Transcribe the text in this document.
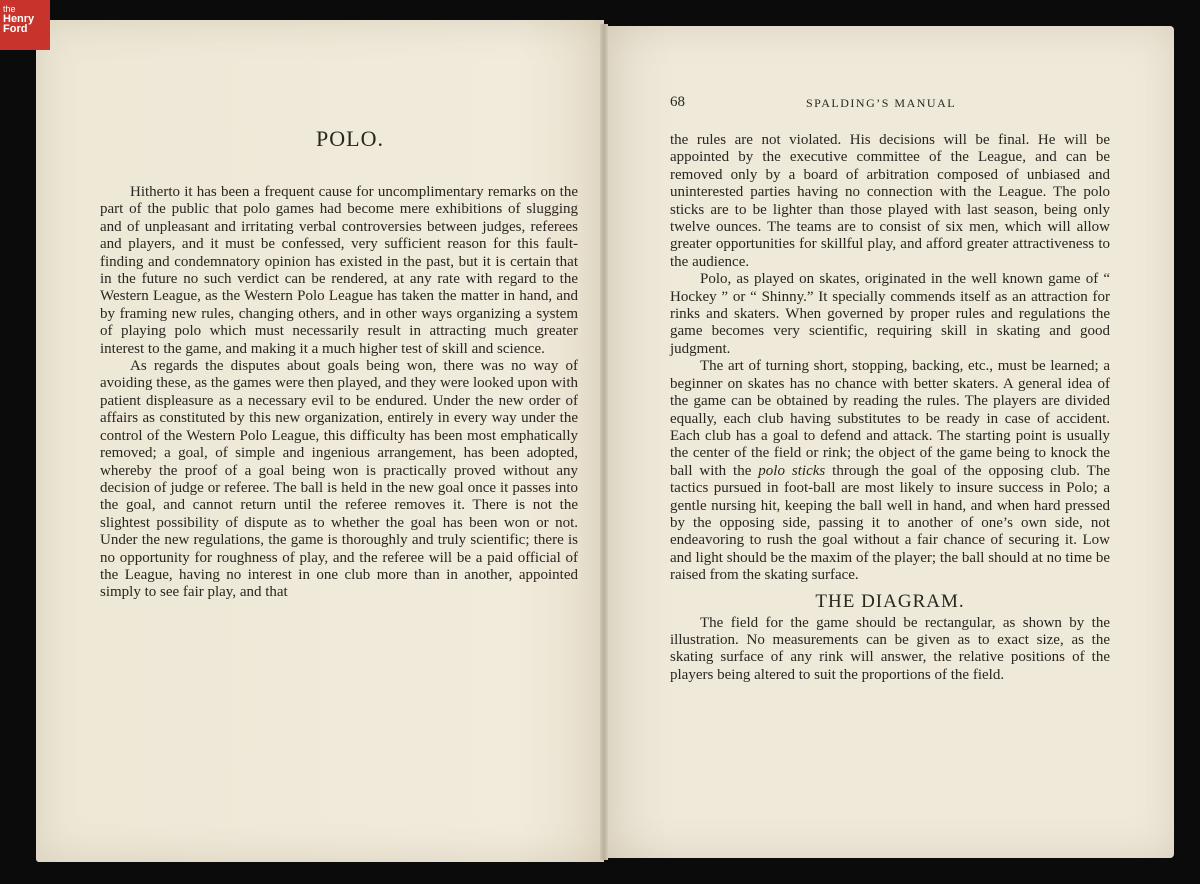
the
Henry
Ford
POLO.

Hitherto it has been a frequent cause for uncomplimentary remarks on the part of the public that polo games had become mere exhibitions of slugging and of unpleasant and irritating verbal controversies between judges, referees and players, and it must be confessed, very sufficient reason for this fault-finding and condemnatory opinion has existed in the past, but it is certain that in the future no such verdict can be rendered, at any rate with regard to the Western League, as the Western Polo League has taken the matter in hand, and by framing new rules, changing others, and in other ways organizing a system of playing polo which must necessarily result in attracting much greater interest to the game, and making it a much higher test of skill and science.

As regards the disputes about goals being won, there was no way of avoiding these, as the games were then played, and they were looked upon with patient displeasure as a necessary evil to be endured. Under the new order of affairs as constituted by this new organization, entirely in every way under the control of the Western Polo League, this difficulty has been most emphatically removed; a goal, of simple and ingenious arrangement, has been adopted, whereby the proof of a goal being won is practically proved without any decision of judge or referee. The ball is held in the new goal once it passes into the goal, and cannot return until the referee removes it. There is not the slightest possibility of dispute as to whether the goal has been won or not. Under the new regulations, the game is thoroughly and truly scientific; there is no opportunity for roughness of play, and the referee will be a paid official of the League, having no interest in one club more than in another, appointed simply to see fair play, and that

68	SPALDING’S MANUAL

the rules are not violated. His decisions will be final. He will be appointed by the executive committee of the League, and can be removed only by a board of arbitration composed of unbiased and uninterested parties having no connection with the League. The polo sticks are to be lighter than those played with last season, being only twelve ounces. The teams are to consist of six men, which will allow greater opportunities for skillful play, and afford greater attractiveness to the audience.

Polo, as played on skates, originated in the well known game of “ Hockey ” or “ Shinny.” It specially commends itself as an attraction for rinks and skaters. When governed by proper rules and regulations the game becomes very scientific, requiring skill in skating and good judgment.

The art of turning short, stopping, backing, etc., must be learned; a beginner on skates has no chance with better skaters. A general idea of the game can be obtained by reading the rules. The players are divided equally, each club having substitutes to be ready in case of accident. Each club has a goal to defend and attack. The starting point is usually the center of the field or rink; the object of the game being to knock the ball with the polo sticks through the goal of the opposing club. The tactics pursued in foot-ball are most likely to insure success in Polo; a gentle nursing hit, keeping the ball well in hand, and when hard pressed by the opposing side, passing it to another of one’s own side, not endeavoring to rush the goal without a fair chance of securing it. Low and light should be the maxim of the player; the ball should at no time be raised from the skating surface.

THE DIAGRAM.

The field for the game should be rectangular, as shown by the illustration. No measurements can be given as to exact size, as the skating surface of any rink will answer, the relative positions of the players being altered to suit the proportions of the field.
